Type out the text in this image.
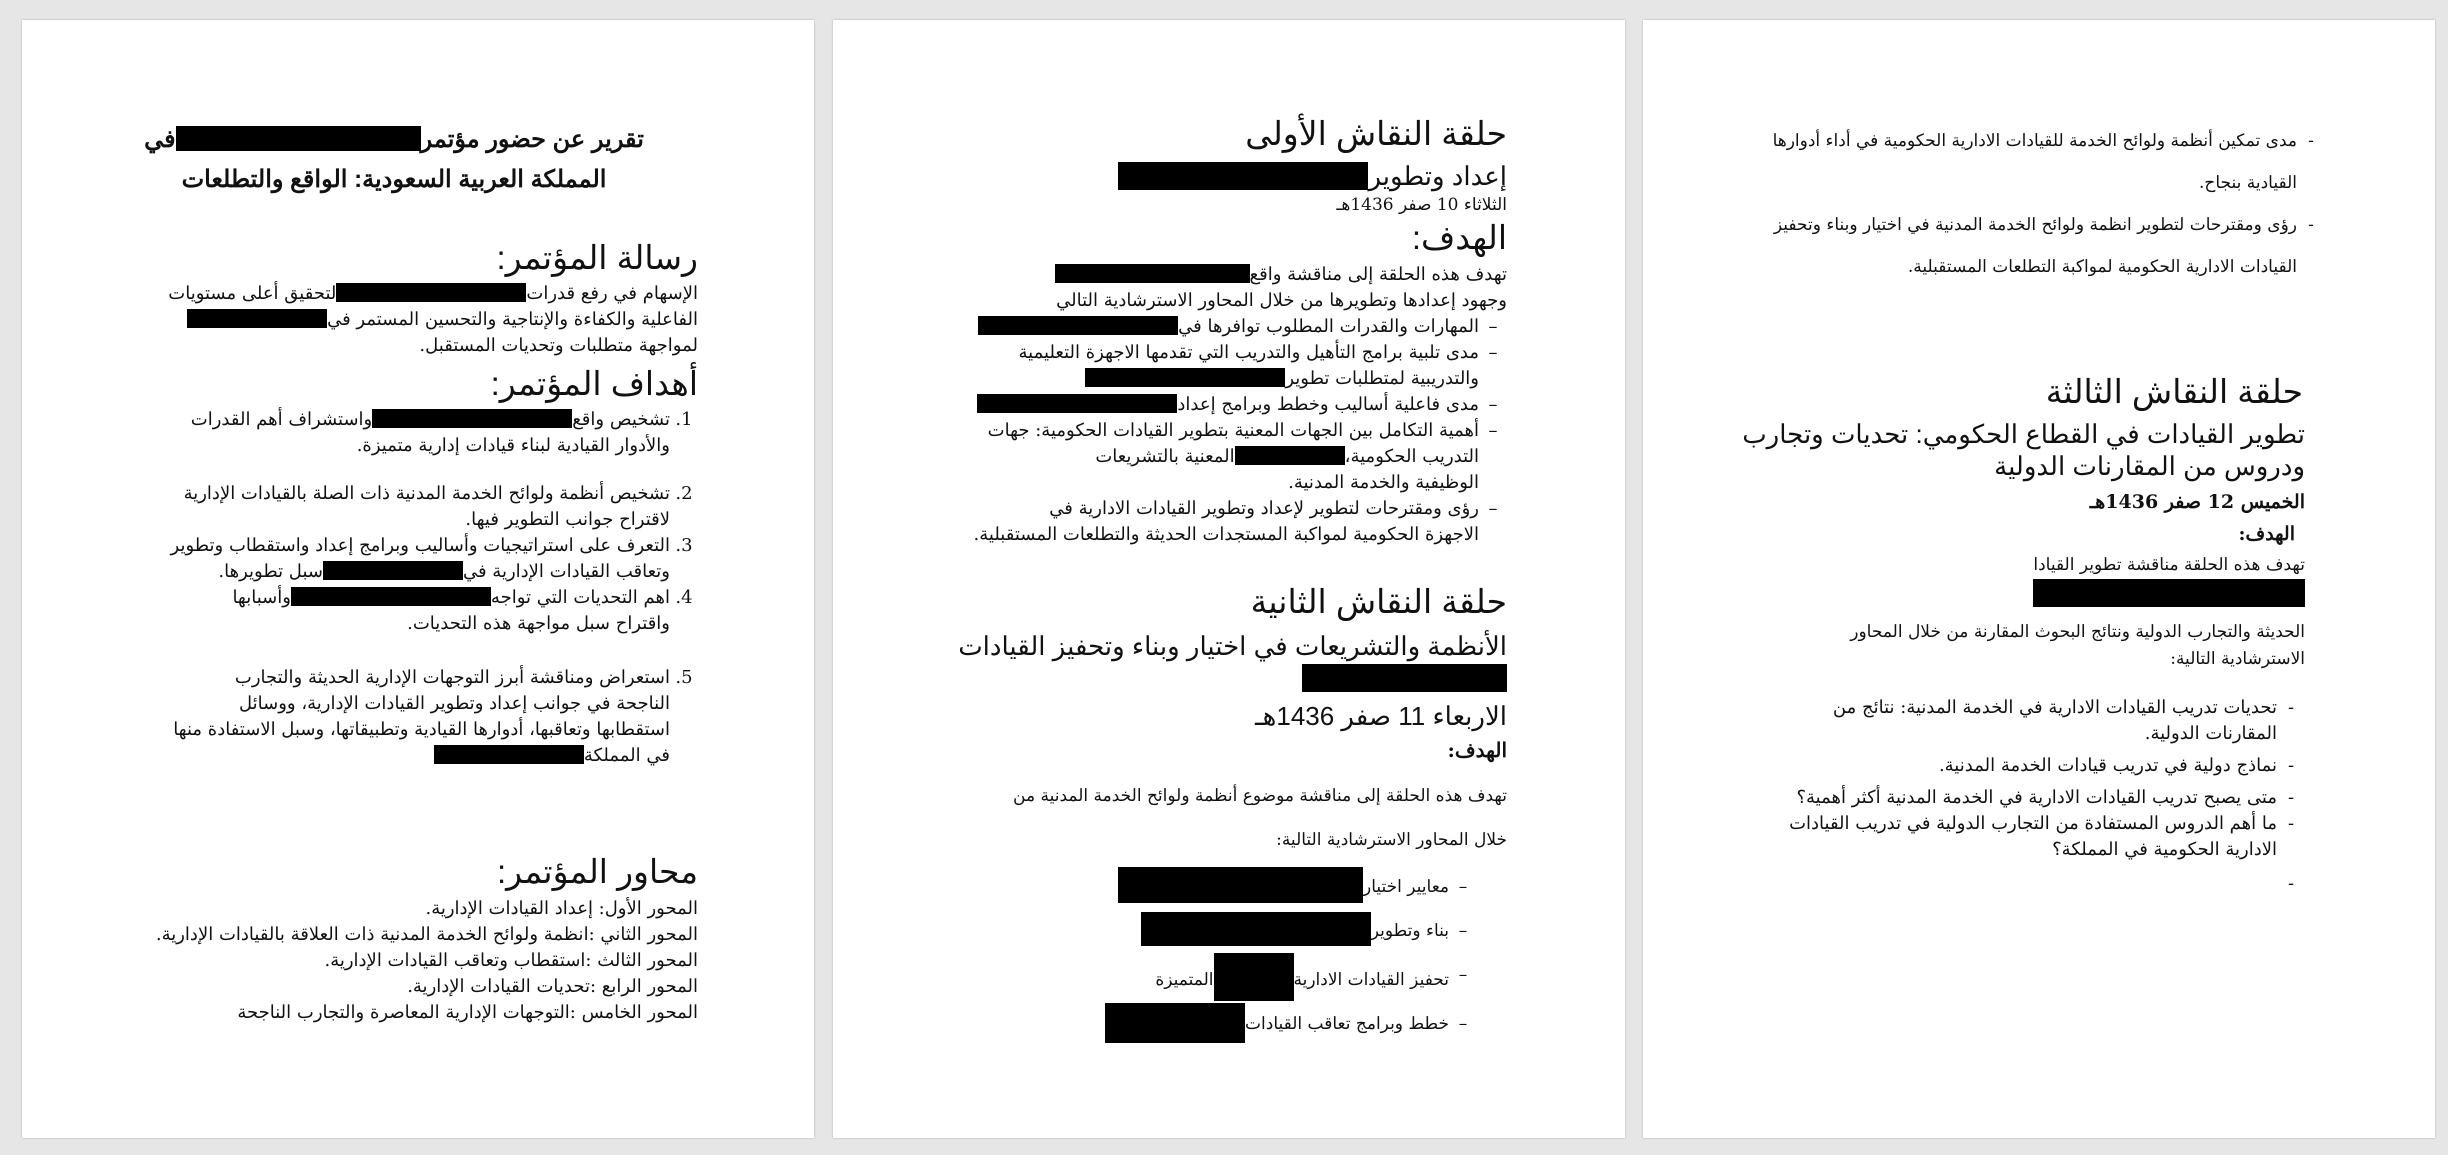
تقرير عن حضور مؤتمرفي
المملكة العربية السعودية: الواقع والتطلعات
رسالة المؤتمر:
الإسهام في رفع قدراتلتحقيق أعلى مستويات
الفاعلية والكفاءة والإنتاجية والتحسين المستمر في
لمواجهة متطلبات وتحديات المستقبل.
أهداف المؤتمر:
1.
تشخيص واقعواستشراف أهم القدرات
والأدوار القيادية لبناء قيادات إدارية متميزة.
2.
تشخيص أنظمة ولوائح الخدمة المدنية ذات الصلة بالقيادات الإدارية
لاقتراح جوانب التطوير فيها.
3.
التعرف على استراتيجيات وأساليب وبرامج إعداد واستقطاب وتطوير
وتعاقب القيادات الإدارية فيسبل تطويرها.
4.
اهم التحديات التي تواجهوأسبابها
واقتراح سبل مواجهة هذه التحديات.
5.
استعراض ومناقشة أبرز التوجهات الإدارية الحديثة والتجارب
الناجحة في جوانب إعداد وتطوير القيادات الإدارية، ووسائل
استقطابها وتعاقبها، أدوارها القيادية وتطبيقاتها، وسبل الاستفادة منها
في المملكة
محاور المؤتمر:
المحور الأول: إعداد القيادات الإدارية.
المحور الثاني :انظمة ولوائح الخدمة المدنية ذات العلاقة بالقيادات الإدارية.
المحور الثالث :استقطاب وتعاقب القيادات الإدارية.
المحور الرابع :تحديات القيادات الإدارية.
المحور الخامس :التوجهات الإدارية المعاصرة والتجارب الناجحة
حلقة النقاش الأولى
إعداد وتطوير
الثلاثاء 10 صفر 1436هـ
الهدف:
تهدف هذه الحلقة إلى مناقشة واقع
وجهود إعدادها وتطويرها من خلال المحاور الاسترشادية التالي
–
المهارات والقدرات المطلوب توافرها في
–
مدى تلبية برامج التأهيل والتدريب التي تقدمها الاجهزة التعليمية
والتدريبية لمتطلبات تطوير
–
مدى فاعلية أساليب وخطط وبرامج إعداد
–
أهمية التكامل بين الجهات المعنية بتطوير القيادات الحكومية: جهات
التدريب الحكومية،المعنية بالتشريعات
الوظيفية والخدمة المدنية.
–
رؤى ومقترحات لتطوير لإعداد وتطوير القيادات الادارية في
الاجهزة الحكومية لمواكبة المستجدات الحديثة والتطلعات المستقبلية.
حلقة النقاش الثانية
الأنظمة والتشريعات في اختيار وبناء وتحفيز القيادات
الاربعاء 11 صفر 1436هـ
الهدف:
تهدف هذه الحلقة إلى مناقشة موضوع أنظمة ولوائح الخدمة المدنية من
خلال المحاور الاسترشادية التالية:
–
معايير اختيار
–
بناء وتطوير
–
تحفيز القيادات الاداريةالمتميزة
–
خطط وبرامج تعاقب القيادات
-
مدى تمكين أنظمة ولوائح الخدمة للقيادات الادارية الحكومية في أداء أدوارها
القيادية بنجاح.
-
رؤى ومقترحات لتطوير انظمة ولوائح الخدمة المدنية في اختيار وبناء وتحفيز
القيادات الادارية الحكومية لمواكبة التطلعات المستقبلية.
حلقة النقاش الثالثة
تطوير القيادات في القطاع الحكومي: تحديات وتجارب
ودروس من المقارنات الدولية
الخميس 12 صفر 1436هـ
الهدف:
تهدف هذه الحلقة مناقشة تطوير القيادا
الحديثة والتجارب الدولية ونتائج البحوث المقارنة من خلال المحاور
الاسترشادية التالية:
-
تحديات تدريب القيادات الادارية في الخدمة المدنية: نتائج من
المقارنات الدولية.
-
نماذج دولية في تدريب قيادات الخدمة المدنية.
-
متى يصبح تدريب القيادات الادارية في الخدمة المدنية أكثر أهمية؟
-
ما أهم الدروس المستفادة من التجارب الدولية في تدريب القيادات
الادارية الحكومية في المملكة؟
-
